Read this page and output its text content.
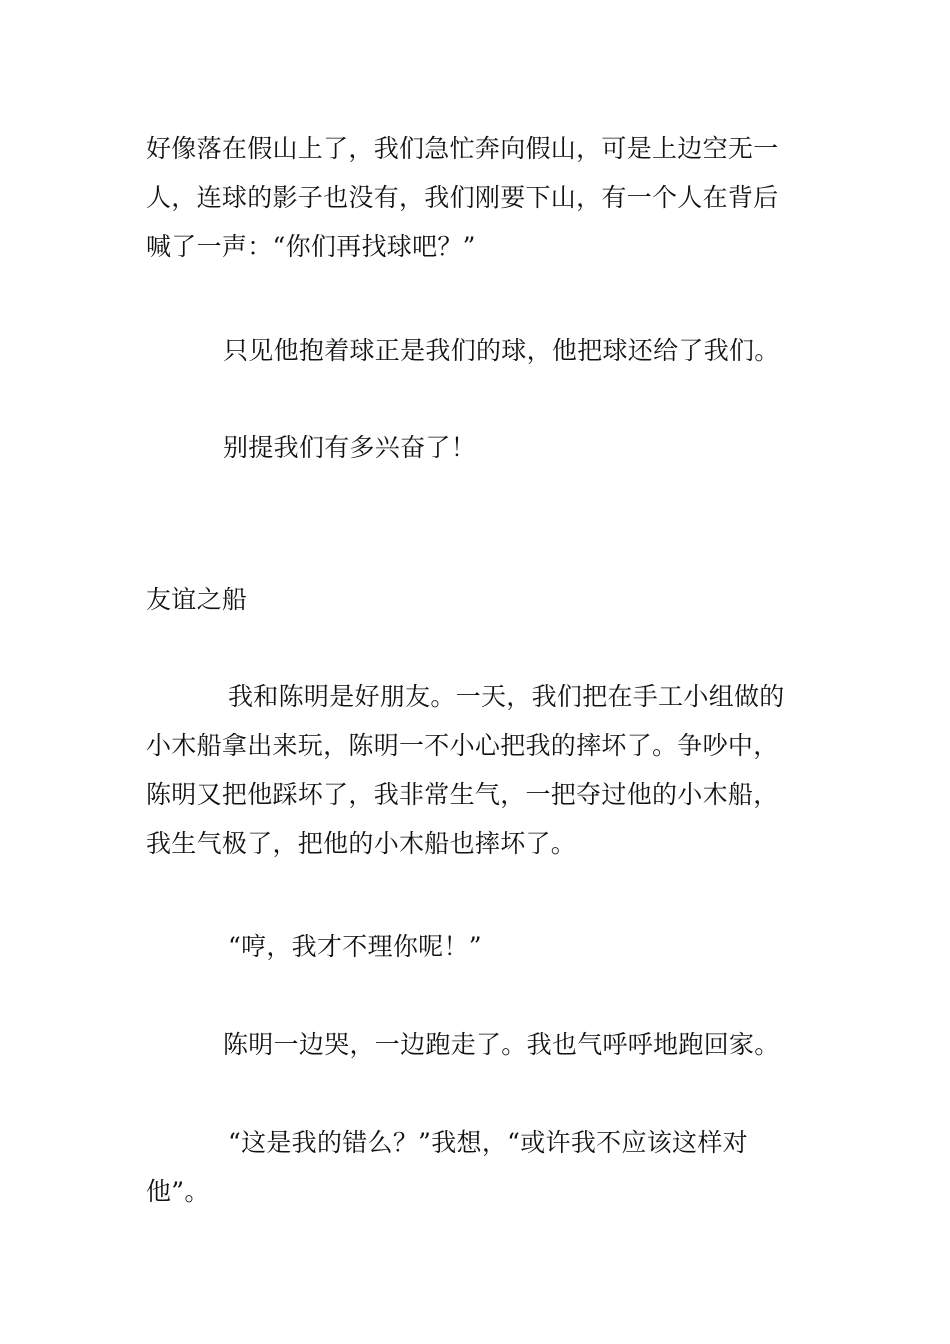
好像落在假山上了，我们急忙奔向假山，可是上边空无一
人，连球的影子也没有，我们刚要下山，有一个人在背后
喊了一声：“你们再找球吧？”

只见他抱着球正是我们的球，他把球还给了我们。

别提我们有多兴奋了！

友谊之船

我和陈明是好朋友。一天，我们把在手工小组做的
小木船拿出来玩，陈明一不小心把我的摔坏了。争吵中，
陈明又把他踩坏了，我非常生气，一把夺过他的小木船，
我生气极了，把他的小木船也摔坏了。

“哼，我才不理你呢！”

陈明一边哭，一边跑走了。我也气呼呼地跑回家。

“这是我的错么？”我想，“或许我不应该这样对
他”。
